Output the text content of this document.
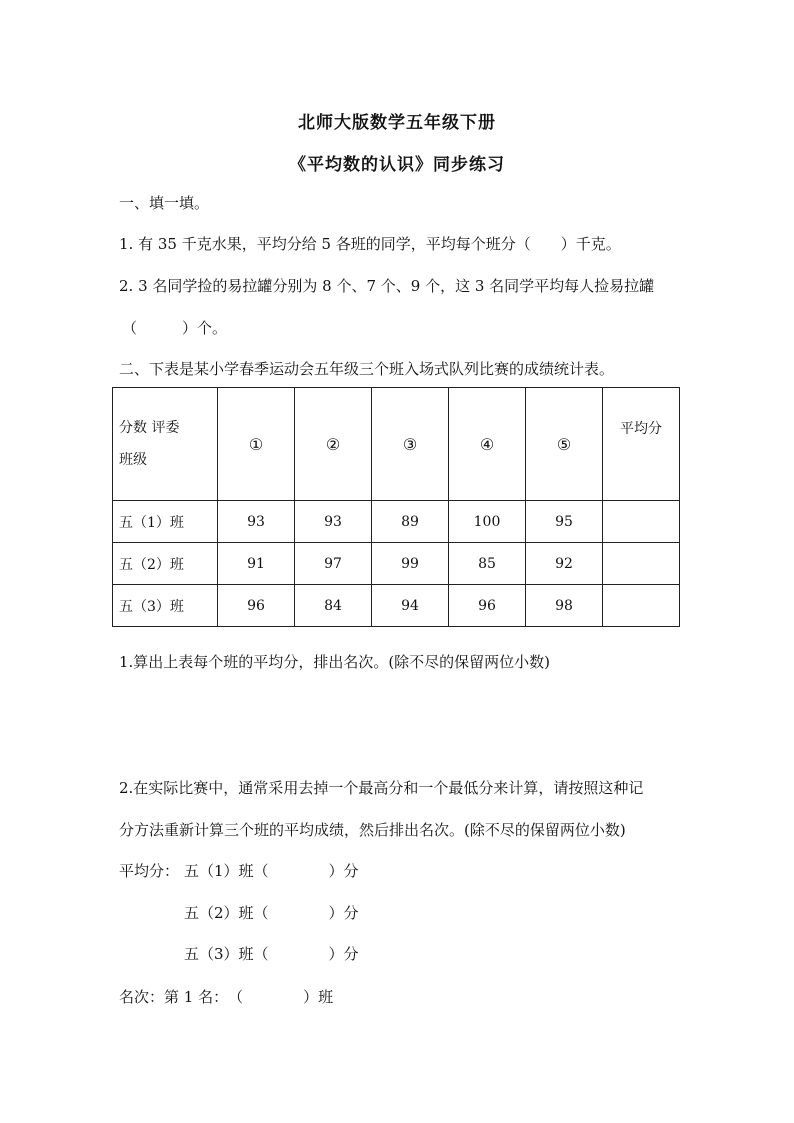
北师大版数学五年级下册
《平均数的认识》同步练习
一、填一填。
1. 有 35 千克水果，平均分给 5 各班的同学，平均每个班分（　　）千克。
2. 3 名同学捡的易拉罐分别为 8 个、7 个、9 个，这 3 名同学平均每人捡易拉罐
（　　　）个。
二、下表是某小学春季运动会五年级三个班入场式队列比赛的成绩统计表。
分数 评委
班级	①	②	③	④	⑤	平均分
五（1）班	93	93	89	100	95	
五（2）班	91	97	99	85	92	
五（3）班	96	84	94	96	98	
1.算出上表每个班的平均分，排出名次。(除不尽的保留两位小数)
2.在实际比赛中，通常采用去掉一个最高分和一个最低分来计算，请按照这种记
分方法重新计算三个班的平均成绩，然后排出名次。(除不尽的保留两位小数)
平均分： 五（1）班（　　　　）分
五（2）班（　　　　）分
五（3）班（　　　　）分
名次：第 1 名：　（　　　　）班
